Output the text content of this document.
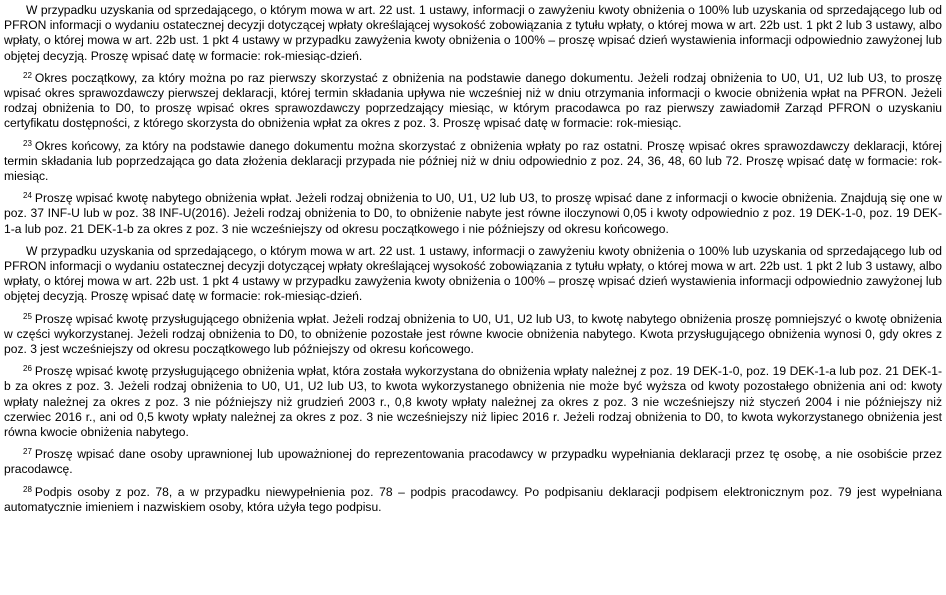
W przypadku uzyskania od sprzedającego, o którym mowa w art. 22 ust. 1 ustawy, informacji o zawyżeniu kwoty obniżenia o 100% lub uzyskania od sprzedającego lub od PFRON informacji o wydaniu ostatecznej decyzji dotyczącej wpłaty określającej wysokość zobowiązania z tytułu wpłaty, o której mowa w art. 22b ust. 1 pkt 2 lub 3 ustawy, albo wpłaty, o której mowa w art. 22b ust. 1 pkt 4 ustawy w przypadku zawyżenia kwoty obniżenia o 100% – proszę wpisać dzień wystawienia informacji odpowiednio zawyżonej lub objętej decyzją. Proszę wpisać datę w formacie: rok-miesiąc-dzień.

$^{22}$ Okres początkowy, za który można po raz pierwszy skorzystać z obniżenia na podstawie danego dokumentu. Jeżeli rodzaj obniżenia to U0, U1, U2 lub U3, to proszę wpisać okres sprawozdawczy pierwszej deklaracji, której termin składania upływa nie wcześniej niż w dniu otrzymania informacji o kwocie obniżenia wpłat na PFRON. Jeżeli rodzaj obniżenia to D0, to proszę wpisać okres sprawozdawczy poprzedzający miesiąc, w którym pracodawca po raz pierwszy zawiadomił Zarząd PFRON o uzyskaniu certyfikatu dostępności, z którego skorzysta do obniżenia wpłat za okres z poz. 3. Proszę wpisać datę w formacie: rok-miesiąc.

$^{23}$ Okres końcowy, za który na podstawie danego dokumentu można skorzystać z obniżenia wpłaty po raz ostatni. Proszę wpisać okres sprawozdawczy deklaracji, której termin składania lub poprzedzająca go data złożenia deklaracji przypada nie później niż w dniu odpowiednio z poz. 24, 36, 48, 60 lub 72. Proszę wpisać datę w formacie: rok-miesiąc.

$^{24}$ Proszę wpisać kwotę nabytego obniżenia wpłat. Jeżeli rodzaj obniżenia to U0, U1, U2 lub U3, to proszę wpisać dane z informacji o kwocie obniżenia. Znajdują się one w poz. 37 INF-U lub w poz. 38 INF-U(2016). Jeżeli rodzaj obniżenia to D0, to obniżenie nabyte jest równe iloczynowi 0,05 i kwoty odpowiednio z poz. 19 DEK-1-0, poz. 19 DEK-1-a lub poz. 21 DEK-1-b za okres z poz. 3 nie wcześniejszy od okresu początkowego i nie późniejszy od okresu końcowego.

W przypadku uzyskania od sprzedającego, o którym mowa w art. 22 ust. 1 ustawy, informacji o zawyżeniu kwoty obniżenia o 100% lub uzyskania od sprzedającego lub od PFRON informacji o wydaniu ostatecznej decyzji dotyczącej wpłaty określającej wysokość zobowiązania z tytułu wpłaty, o której mowa w art. 22b ust. 1 pkt 2 lub 3 ustawy, albo wpłaty, o której mowa w art. 22b ust. 1 pkt 4 ustawy w przypadku zawyżenia kwoty obniżenia o 100% – proszę wpisać dzień wystawienia informacji odpowiednio zawyżonej lub objętej decyzją. Proszę wpisać datę w formacie: rok-miesiąc-dzień.

$^{25}$ Proszę wpisać kwotę przysługującego obniżenia wpłat. Jeżeli rodzaj obniżenia to U0, U1, U2 lub U3, to kwotę nabytego obniżenia proszę pomniejszyć o kwotę obniżenia w części wykorzystanej. Jeżeli rodzaj obniżenia to D0, to obniżenie pozostałe jest równe kwocie obniżenia nabytego. Kwota przysługującego obniżenia wynosi 0, gdy okres z poz. 3 jest wcześniejszy od okresu początkowego lub późniejszy od okresu końcowego.

$^{26}$ Proszę wpisać kwotę przysługującego obniżenia wpłat, która została wykorzystana do obniżenia wpłaty należnej z poz. 19 DEK-1-0, poz. 19 DEK-1-a lub poz. 21 DEK-1-b za okres z poz. 3. Jeżeli rodzaj obniżenia to U0, U1, U2 lub U3, to kwota wykorzystanego obniżenia nie może być wyższa od kwoty pozostałego obniżenia ani od: kwoty wpłaty należnej za okres z poz. 3 nie późniejszy niż grudzień 2003 r., 0,8 kwoty wpłaty należnej za okres z poz. 3 nie wcześniejszy niż styczeń 2004 i nie późniejszy niż czerwiec 2016 r., ani od 0,5 kwoty wpłaty należnej za okres z poz. 3 nie wcześniejszy niż lipiec 2016 r. Jeżeli rodzaj obniżenia to D0, to kwota wykorzystanego obniżenia jest równa kwocie obniżenia nabytego.

$^{27}$ Proszę wpisać dane osoby uprawnionej lub upoważnionej do reprezentowania pracodawcy w przypadku wypełniania deklaracji przez tę osobę, a nie osobiście przez pracodawcę.

$^{28}$ Podpis osoby z poz. 78, a w przypadku niewypełnienia poz. 78 – podpis pracodawcy. Po podpisaniu deklaracji podpisem elektronicznym poz. 79 jest wypełniana automatycznie imieniem i nazwiskiem osoby, która użyła tego podpisu.
